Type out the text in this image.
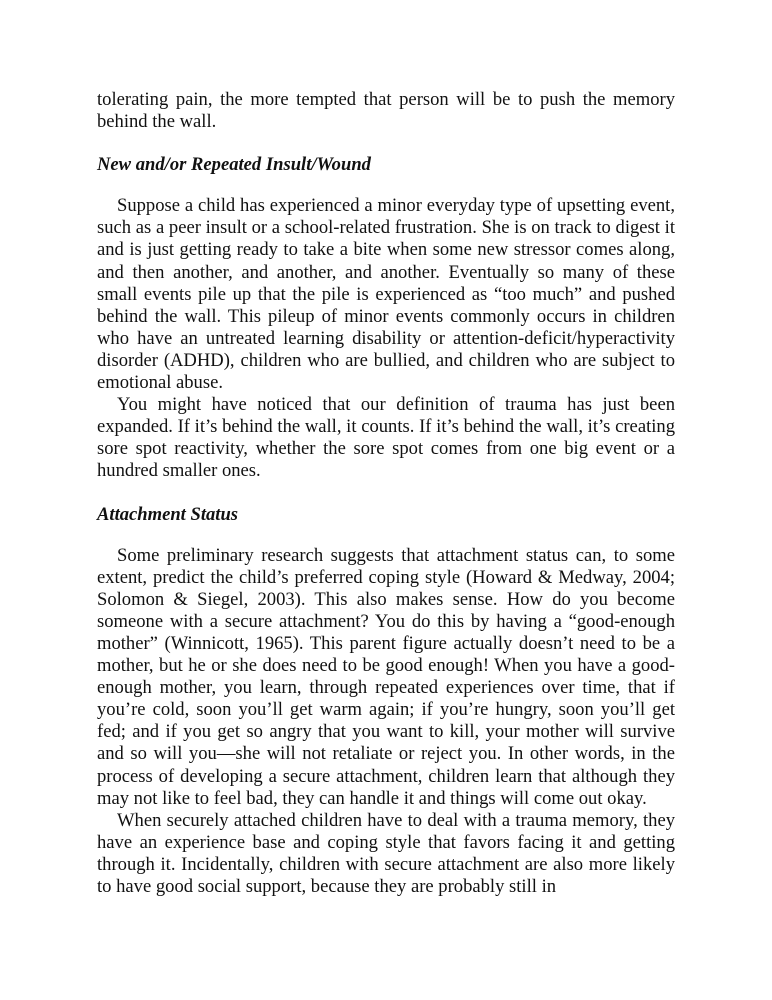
tolerating pain, the more tempted that person will be to push the memory behind the wall.

New and/or Repeated Insult/Wound

Suppose a child has experienced a minor everyday type of upsetting event, such as a peer insult or a school-related frustration. She is on track to digest it and is just getting ready to take a bite when some new stressor comes along, and then another, and another, and another. Eventually so many of these small events pile up that the pile is experienced as “too much” and pushed behind the wall. This pileup of minor events commonly occurs in children who have an untreated learning disability or attention-deficit/hyperactivity disorder (ADHD), children who are bullied, and children who are subject to emotional abuse.

You might have noticed that our definition of trauma has just been expanded. If it’s behind the wall, it counts. If it’s behind the wall, it’s creating sore spot reactivity, whether the sore spot comes from one big event or a hundred smaller ones.

Attachment Status

Some preliminary research suggests that attachment status can, to some extent, predict the child’s preferred coping style (Howard & Medway, 2004; Solomon & Siegel, 2003). This also makes sense. How do you become someone with a secure attachment? You do this by having a “good-enough mother” (Winnicott, 1965). This parent figure actually doesn’t need to be a mother, but he or she does need to be good enough! When you have a good-enough mother, you learn, through repeated experiences over time, that if you’re cold, soon you’ll get warm again; if you’re hungry, soon you’ll get fed; and if you get so angry that you want to kill, your mother will survive and so will you—she will not retaliate or reject you. In other words, in the process of developing a secure attachment, children learn that although they may not like to feel bad, they can handle it and things will come out okay.

When securely attached children have to deal with a trauma memory, they have an experience base and coping style that favors facing it and getting through it. Incidentally, children with secure attachment are also more likely to have good social support, because they are probably still in
